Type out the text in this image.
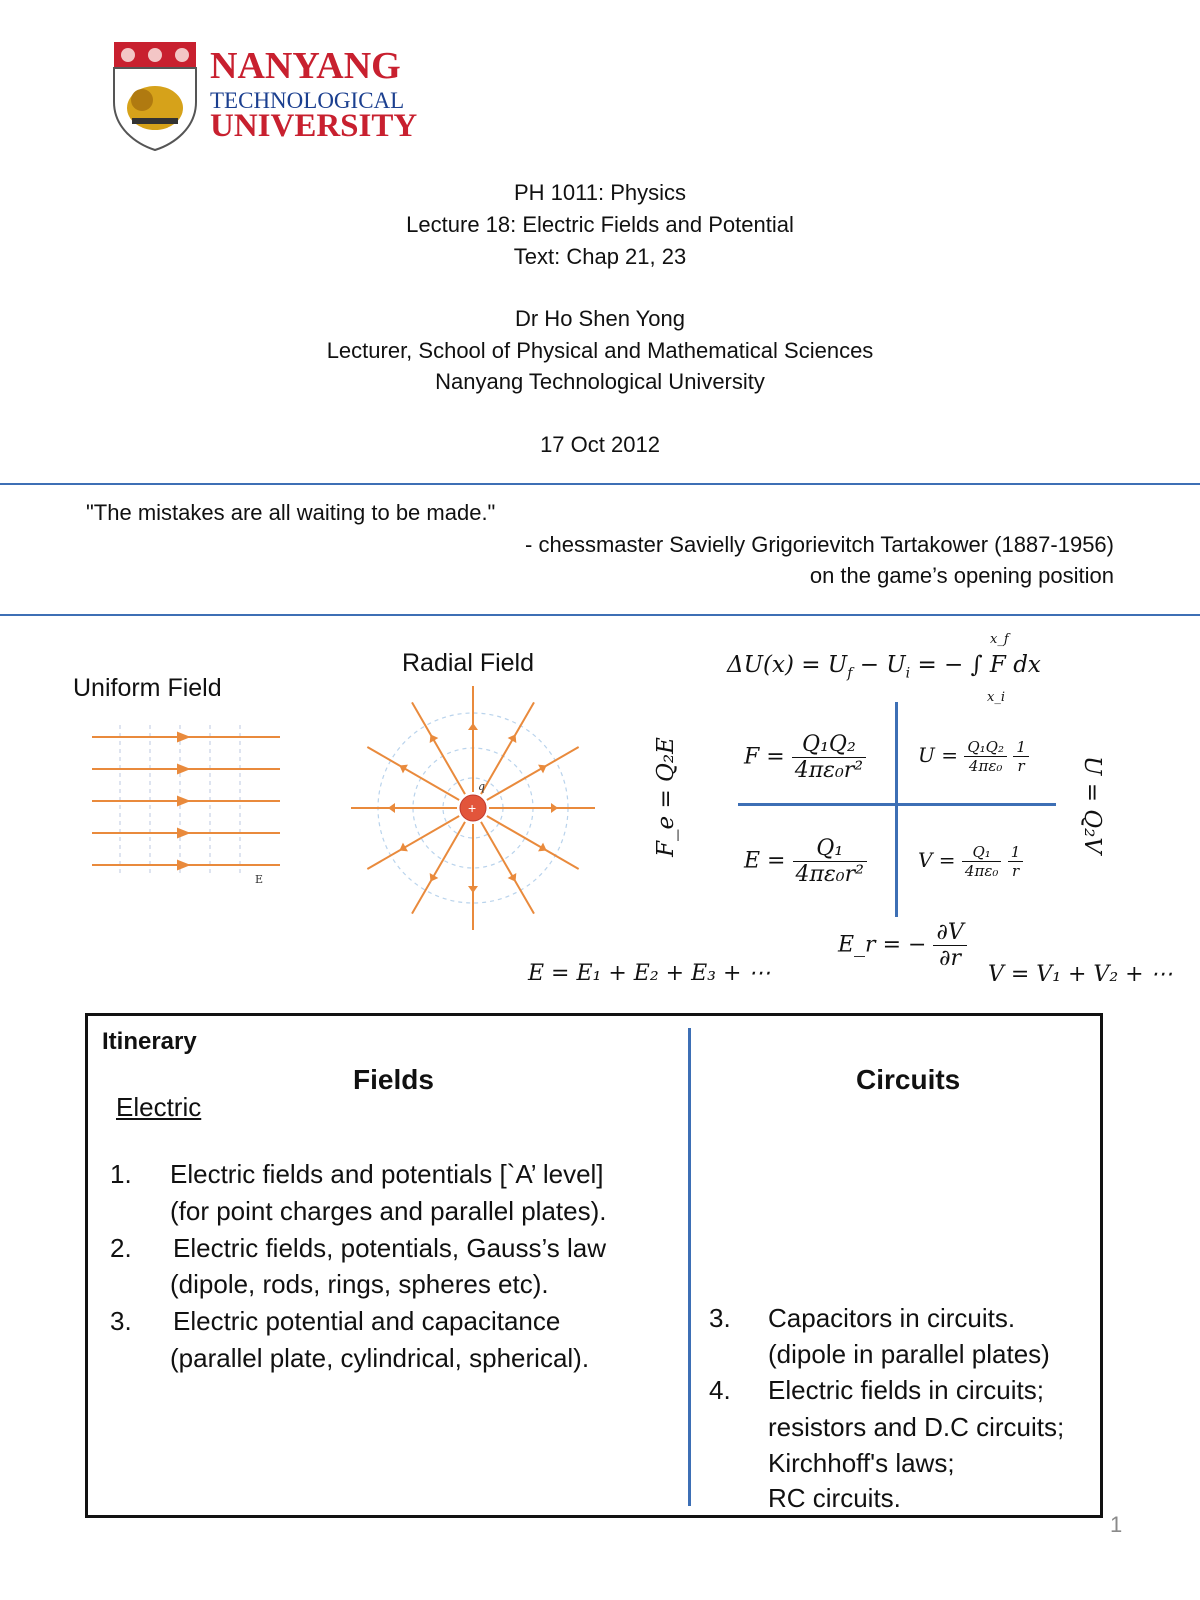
NANYANG
TECHNOLOGICAL
UNIVERSITY
PH 1011: Physics
Lecture 18: Electric Fields and Potential
Text: Chap 21, 23
Dr Ho Shen Yong
Lecturer, School of Physical and Mathematical Sciences
Nanyang Technological University
17 Oct 2012
"The mistakes are all waiting to be made."
- chessmaster Savielly Grigorievitch Tartakower (1887-1956)
on the game’s opening position
Uniform Field
E
Radial Field
+
q
$\Delta U(x) = U_f - U_i$ = − ∫ F dx
x_f
x_i
$F = \frac{\text{Q₁Q₂}}{\text{4πε₀r²}}$	$U = \frac{\text{Q₁Q₂}}{\text{4πε₀}}$
$\frac{1}{r}$
$E = \frac{\text{Q₁}}{\text{4πε₀r²}}$	$V = \frac{\text{Q₁}}{\text{4πε₀}}$
$\frac{1}{r}$
F_e = Q₂E	U = Q₂V
E_r = − $\frac{\partial V}{\partial r}$
E = E₁ + E₂ + E₃ + ⋯	V = V₁ + V₂ + ⋯
Itinerary
Fields	Circuits
Electric
1. Electric fields and potentials [`A’ level]
(for point charges and parallel plates).
2. Electric fields, potentials, Gauss’s law
(dipole, rods, rings, spheres etc).
3. Electric potential and capacitance
(parallel plate, cylindrical, spherical).
3. Capacitors in circuits.
(dipole in parallel plates)
4. Electric fields in circuits;
resistors and D.C circuits;
Kirchhoff's laws;
RC circuits.
1
